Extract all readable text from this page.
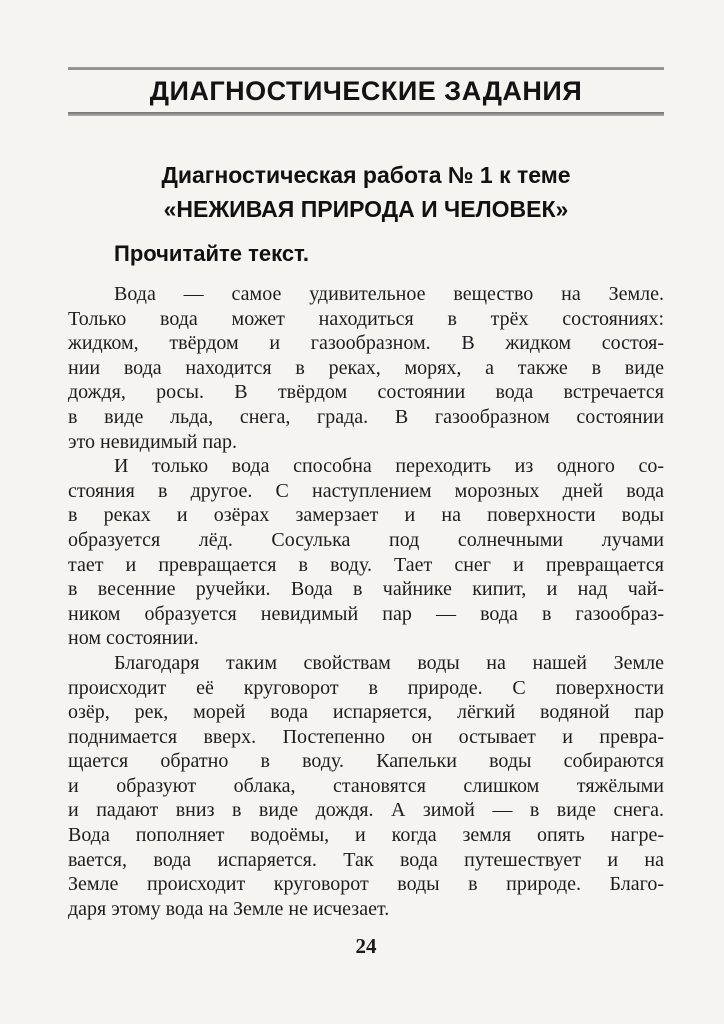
ДИАГНОСТИЧЕСКИЕ ЗАДАНИЯ
Диагностическая работа № 1 к теме
«НЕЖИВАЯ ПРИРОДА И ЧЕЛОВЕК»
Прочитайте текст.
Вода — самое удивительное вещество на Земле.
Только вода может находиться в трёх состояниях:
жидком, твёрдом и газообразном. В жидком состоя-
нии вода находится в реках, морях, а также в виде
дождя, росы. В твёрдом состоянии вода встречается
в виде льда, снега, града. В газообразном состоянии
это невидимый пар.
И только вода способна переходить из одного со-
стояния в другое. С наступлением морозных дней вода
в реках и озёрах замерзает и на поверхности воды
образуется лёд. Сосулька под солнечными лучами
тает и превращается в воду. Тает снег и превращается
в весенние ручейки. Вода в чайнике кипит, и над чай-
ником образуется невидимый пар — вода в газообраз-
ном состоянии.
Благодаря таким свойствам воды на нашей Земле
происходит её круговорот в природе. С поверхности
озёр, рек, морей вода испаряется, лёгкий водяной пар
поднимается вверх. Постепенно он остывает и превра-
щается обратно в воду. Капельки воды собираются
и образуют облака, становятся слишком тяжёлыми
и падают вниз в виде дождя. А зимой — в виде снега.
Вода пополняет водоёмы, и когда земля опять нагре-
вается, вода испаряется. Так вода путешествует и на
Земле происходит круговорот воды в природе. Благо-
даря этому вода на Земле не исчезает.
24
